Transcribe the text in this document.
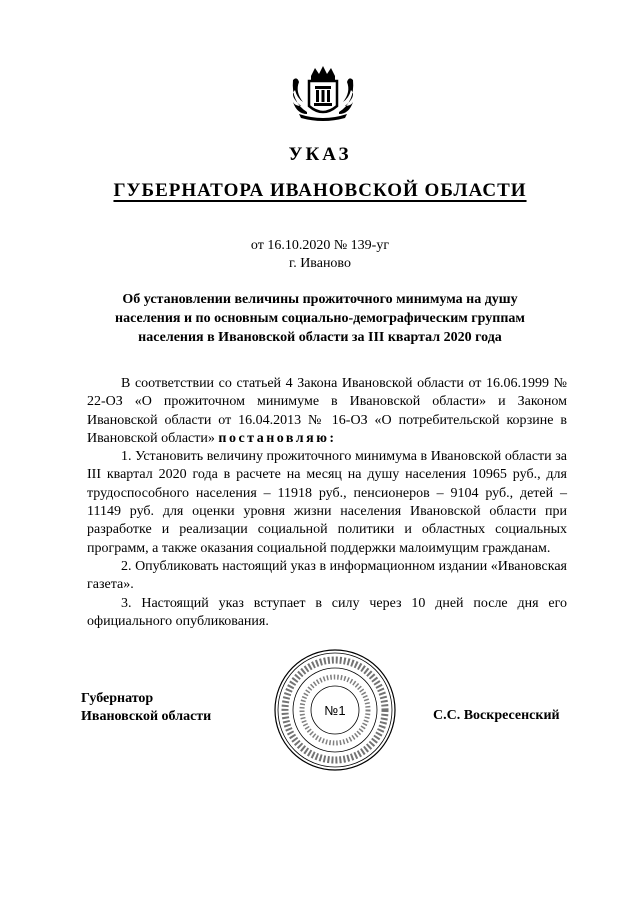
УКАЗ
ГУБЕРНАТОРА ИВАНОВСКОЙ ОБЛАСТИ
от 16.10.2020 № 139-уг
г. Иваново
Об установлении величины прожиточного минимума на душу населения и по основным социально-демографическим группам населения в Ивановской области за III квартал 2020 года

В соответствии со статьей 4 Закона Ивановской области от 16.06.1999 № 22-ОЗ «О прожиточном минимуме в Ивановской области» и Законом Ивановской области от 16.04.2013 № 16-ОЗ «О потребительской корзине в Ивановской области» постановляю:

1. Установить величину прожиточного минимума в Ивановской области за III квартал 2020 года в расчете на месяц на душу населения 10965 руб., для трудоспособного населения – 11918 руб., пенсионеров – 9104 руб., детей – 11149 руб. для оценки уровня жизни населения Ивановской области при разработке и реализации социальной политики и областных социальных программ, а также оказания социальной поддержки малоимущим гражданам.

2. Опубликовать настоящий указ в информационном издании «Ивановская газета».

3. Настоящий указ вступает в силу через 10 дней после дня его официального опубликования.

Губернатор
Ивановской области	№1	С.С. Воскресенский
